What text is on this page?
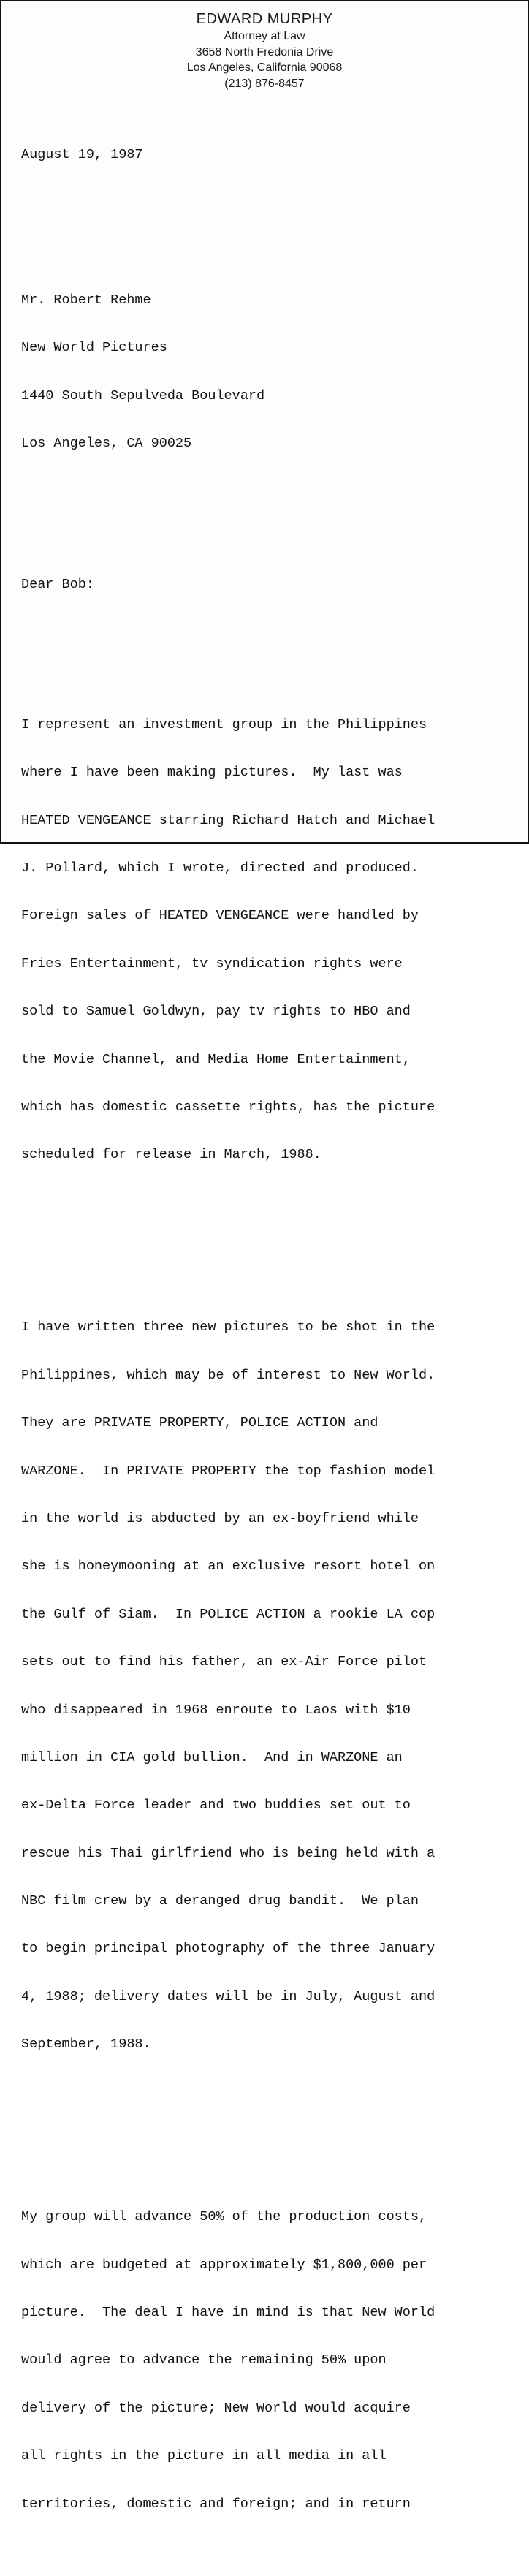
EDWARD MURPHY
Attorney at Law
3658 North Fredonia Drive
Los Angeles, California 90068
(213) 876-8457

August 19, 1987

Mr. Robert Rehme

New World Pictures

1440 South Sepulveda Boulevard

Los Angeles, CA 90025

Dear Bob:

I represent an investment group in the Philippines

where I have been making pictures.  My last was

HEATED VENGEANCE starring Richard Hatch and Michael

J. Pollard, which I wrote, directed and produced.

Foreign sales of HEATED VENGEANCE were handled by

Fries Entertainment, tv syndication rights were

sold to Samuel Goldwyn, pay tv rights to HBO and

the Movie Channel, and Media Home Entertainment,

which has domestic cassette rights, has the picture

scheduled for release in March, 1988.

I have written three new pictures to be shot in the

Philippines, which may be of interest to New World.

They are PRIVATE PROPERTY, POLICE ACTION and

WARZONE.  In PRIVATE PROPERTY the top fashion model

in the world is abducted by an ex-boyfriend while

she is honeymooning at an exclusive resort hotel on

the Gulf of Siam.  In POLICE ACTION a rookie LA cop

sets out to find his father, an ex-Air Force pilot

who disappeared in 1968 enroute to Laos with $10

million in CIA gold bullion.  And in WARZONE an

ex-Delta Force leader and two buddies set out to

rescue his Thai girlfriend who is being held with a

NBC film crew by a deranged drug bandit.  We plan

to begin principal photography of the three January

4, 1988; delivery dates will be in July, August and

September, 1988.

My group will advance 50% of the production costs,

which are budgeted at approximately $1,800,000 per

picture.  The deal I have in mind is that New World

would agree to advance the remaining 50% upon

delivery of the picture; New World would acquire

all rights in the picture in all media in all

territories, domestic and foreign; and in return
